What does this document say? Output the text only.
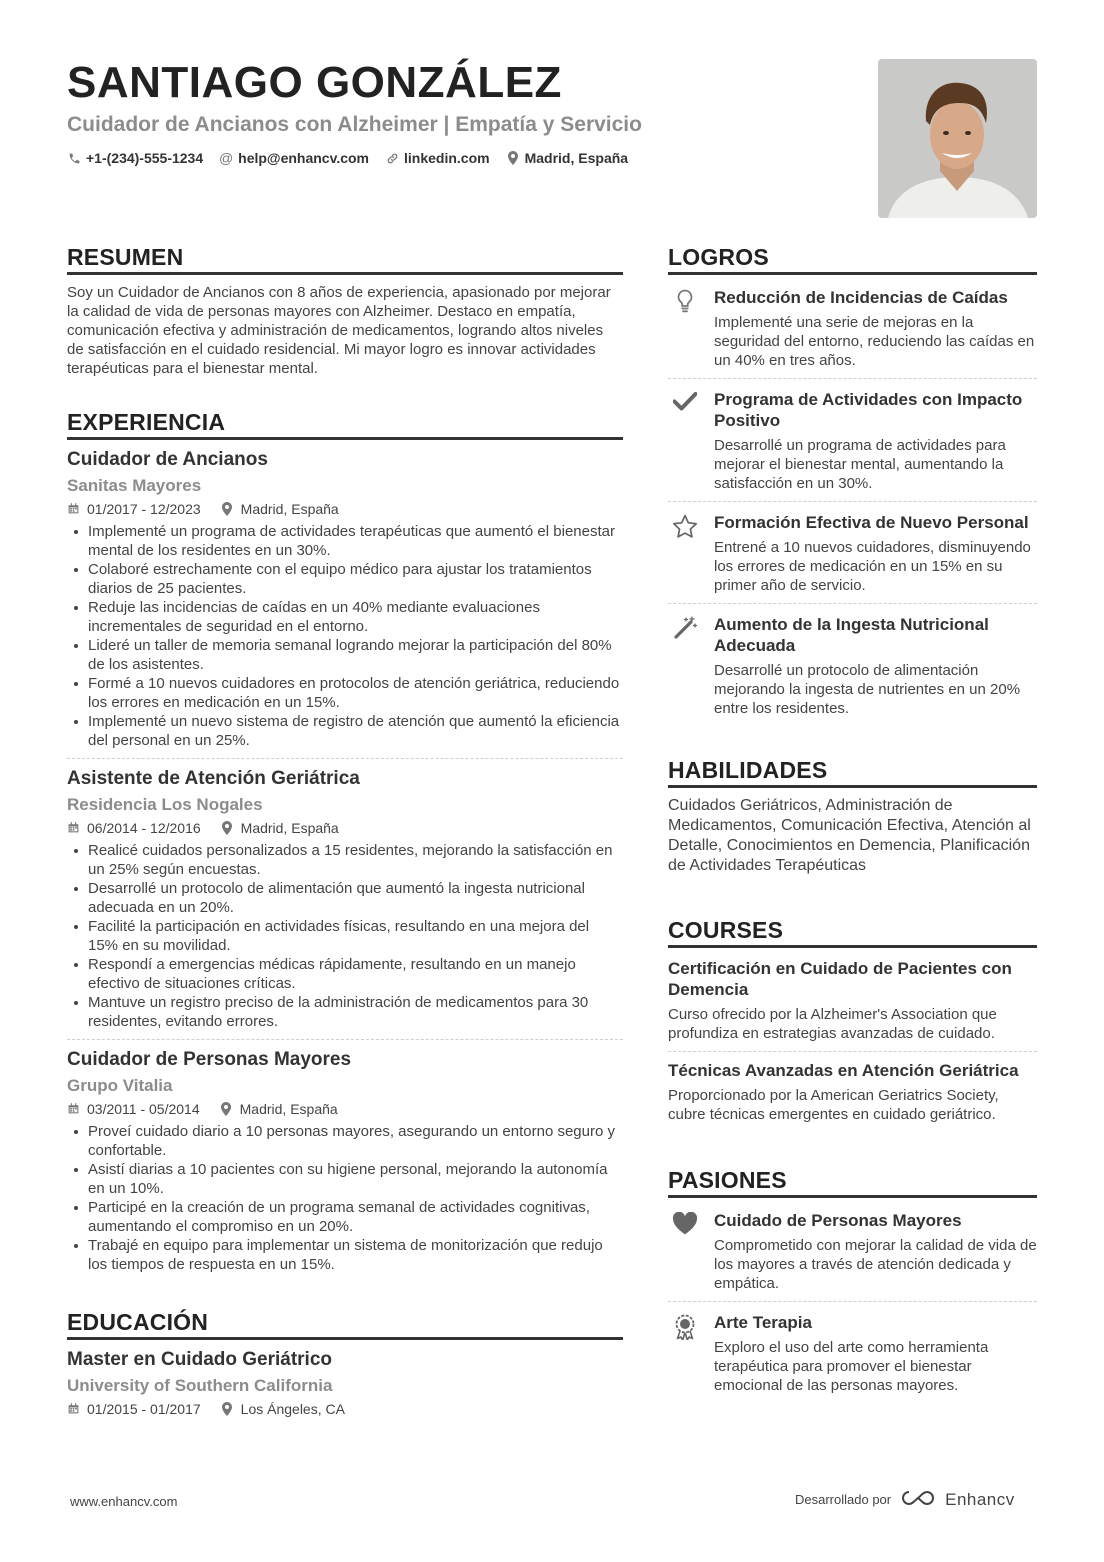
SANTIAGO GONZÁLEZ
Cuidador de Ancianos con Alzheimer | Empatía y Servicio
+1-(234)-555-1234 @ help@enhancv.com	linkedin.com	Madrid, España
RESUMEN
Soy un Cuidador de Ancianos con 8 años de experiencia, apasionado por mejorar la calidad de vida de personas mayores con Alzheimer. Destaco en empatía, comunicación efectiva y administración de medicamentos, logrando altos niveles de satisfacción en el cuidado residencial. Mi mayor logro es innovar actividades terapéuticas para el bienestar mental.
EXPERIENCIA
Cuidador de Ancianos
Sanitas Mayores
01/2017 - 12/2023	Madrid, España
Implementé un programa de actividades terapéuticas que aumentó el bienestar mental de los residentes en un 30%.
Colaboré estrechamente con el equipo médico para ajustar los tratamientos diarios de 25 pacientes.
Reduje las incidencias de caídas en un 40% mediante evaluaciones incrementales de seguridad en el entorno.
Lideré un taller de memoria semanal logrando mejorar la participación del 80% de los asistentes.
Formé a 10 nuevos cuidadores en protocolos de atención geriátrica, reduciendo los errores en medicación en un 15%.
Implementé un nuevo sistema de registro de atención que aumentó la eficiencia del personal en un 25%.
Asistente de Atención Geriátrica
Residencia Los Nogales
06/2014 - 12/2016	Madrid, España
Realicé cuidados personalizados a 15 residentes, mejorando la satisfacción en un 25% según encuestas.
Desarrollé un protocolo de alimentación que aumentó la ingesta nutricional adecuada en un 20%.
Facilité la participación en actividades físicas, resultando en una mejora del 15% en su movilidad.
Respondí a emergencias médicas rápidamente, resultando en un manejo efectivo de situaciones críticas.
Mantuve un registro preciso de la administración de medicamentos para 30 residentes, evitando errores.
Cuidador de Personas Mayores
Grupo Vitalia
03/2011 - 05/2014	Madrid, España
Proveí cuidado diario a 10 personas mayores, asegurando un entorno seguro y confortable.
Asistí diarias a 10 pacientes con su higiene personal, mejorando la autonomía en un 10%.
Participé en la creación de un programa semanal de actividades cognitivas, aumentando el compromiso en un 20%.
Trabajé en equipo para implementar un sistema de monitorización que redujo los tiempos de respuesta en un 15%.
EDUCACIÓN
Master en Cuidado Geriátrico
University of Southern California
01/2015 - 01/2017	Los Ángeles, CA
LOGROS
Reducción de Incidencias de Caídas
Implementé una serie de mejoras en la seguridad del entorno, reduciendo las caídas en un 40% en tres años.
Programa de Actividades con Impacto Positivo
Desarrollé un programa de actividades para mejorar el bienestar mental, aumentando la satisfacción en un 30%.
Formación Efectiva de Nuevo Personal
Entrené a 10 nuevos cuidadores, disminuyendo los errores de medicación en un 15% en su primer año de servicio.
Aumento de la Ingesta Nutricional Adecuada
Desarrollé un protocolo de alimentación mejorando la ingesta de nutrientes en un 20% entre los residentes.
HABILIDADES
Cuidados Geriátricos, Administración de Medicamentos, Comunicación Efectiva, Atención al Detalle, Conocimientos en Demencia, Planificación de Actividades Terapéuticas
COURSES
Certificación en Cuidado de Pacientes con Demencia
Curso ofrecido por la Alzheimer's Association que profundiza en estrategias avanzadas de cuidado.
Técnicas Avanzadas en Atención Geriátrica
Proporcionado por la American Geriatrics Society, cubre técnicas emergentes en cuidado geriátrico.
PASIONES
Cuidado de Personas Mayores
Comprometido con mejorar la calidad de vida de los mayores a través de atención dedicada y empática.
Arte Terapia
Exploro el uso del arte como herramienta terapéutica para promover el bienestar emocional de las personas mayores.
www.enhancv.com	Desarrollado por	Enhancv
